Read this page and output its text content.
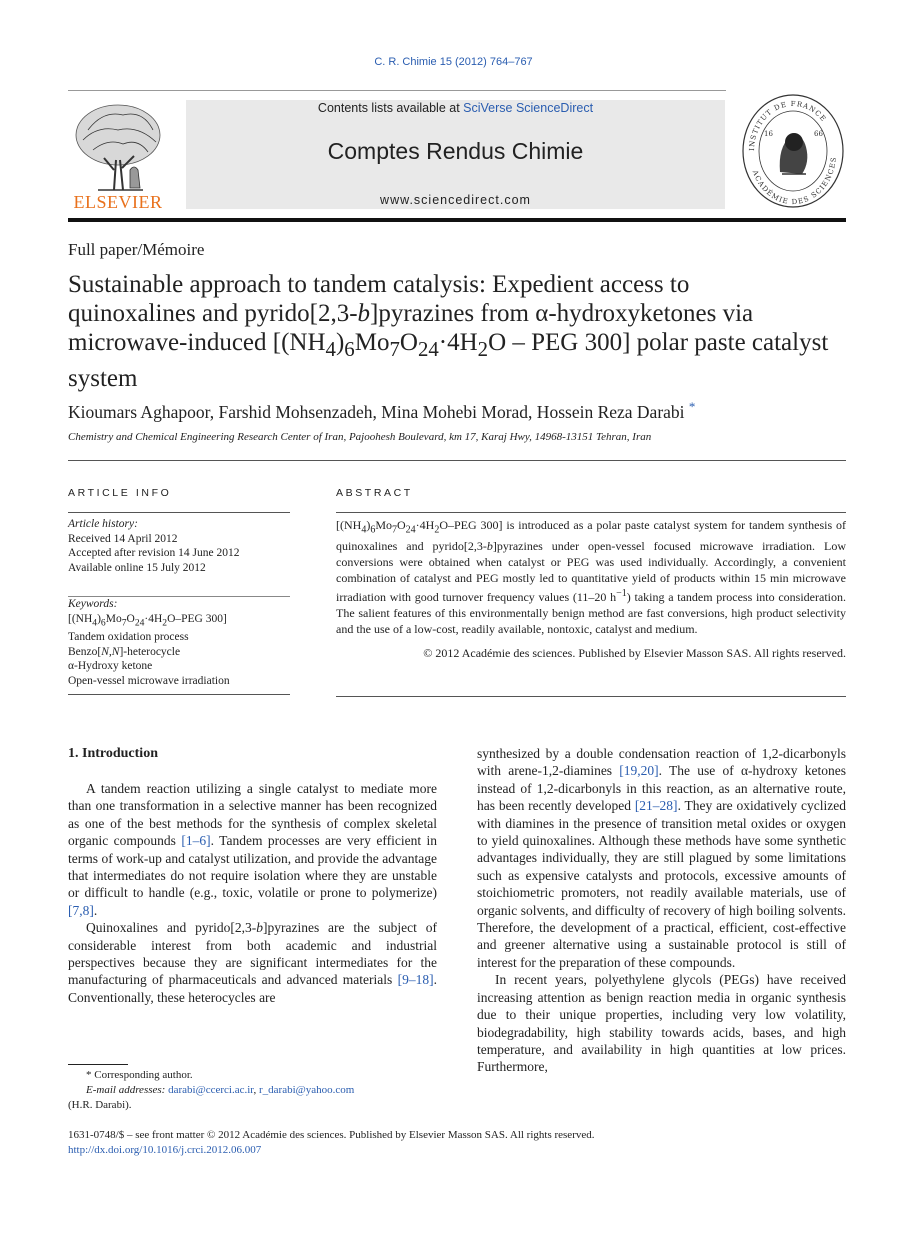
C. R. Chimie 15 (2012) 764–767
ELSEVIER
Contents lists available at SciVerse ScienceDirect
Comptes Rendus Chimie
www.sciencedirect.com
INSTITUT DE FRANCE
ACADÉMIE DES SCIENCES
16	66
Full paper/Mémoire
Sustainable approach to tandem catalysis: Expedient access to
quinoxalines and pyrido[2,3-b]pyrazines from α-hydroxyketones via
microwave-induced [$(NH_4)_6Mo_7O_{24}\cdot 4H_2O$ – PEG 300] polar paste catalyst
system
Kioumars Aghapoor, Farshid Mohsenzadeh, Mina Mohebi Morad, Hossein Reza Darabi *
Chemistry and Chemical Engineering Research Center of Iran, Pajoohesh Boulevard, km 17, Karaj Hwy, 14968-13151 Tehran, Iran
ARTICLE INFO
Article history:
Received 14 April 2012
Accepted after revision 14 June 2012
Available online 15 July 2012
Keywords:
[$(NH_4)_6Mo_7O_{24}\cdot 4H_2O$–PEG 300]
Tandem oxidation process
Benzo[N,N]-heterocycle
α-Hydroxy ketone
Open-vessel microwave irradiation
ABSTRACT
[$(NH_4)_6Mo_7O_{24}\cdot 4H_2O$–PEG 300] is introduced as a polar paste catalyst system for tandem synthesis of quinoxalines and pyrido[2,3-b]pyrazines under open-vessel focused microwave irradiation. Low conversions were obtained when catalyst or PEG was used individually. Accordingly, a convenient combination of catalyst and PEG mostly led to quantitative yield of products within 15 min microwave irradiation with good turnover frequency values (11–20 $h^{-1}$) taking a tandem process into consideration. The salient features of this environmentally benign method are fast conversions, high product selectivity and the use of a low-cost, readily available, nontoxic, catalyst and medium.
© 2012 Académie des sciences. Published by Elsevier Masson SAS. All rights reserved.
1. Introduction

A tandem reaction utilizing a single catalyst to mediate more than one transformation in a selective manner has been recognized as one of the best methods for the synthesis of complex skeletal organic compounds [1–6]. Tandem processes are very efficient in terms of work-up and catalyst utilization, and provide the advantage that intermediates do not require isolation where they are unstable or difficult to handle (e.g., toxic, volatile or prone to polymerize) [7,8].

Quinoxalines and pyrido[2,3-b]pyrazines are the subject of considerable interest from both academic and industrial perspectives because they are significant intermediates for the manufacturing of pharmaceuticals and advanced materials [9–18]. Conventionally, these heterocycles are

synthesized by a double condensation reaction of 1,2-dicarbonyls with arene-1,2-diamines [19,20]. The use of α-hydroxy ketones instead of 1,2-dicarbonyls in this reaction, as an alternative route, has been recently developed [21–28]. They are oxidatively cyclized with diamines in the presence of transition metal oxides or oxygen to yield quinoxalines. Although these methods have some synthetic advantages individually, they are still plagued by some limitations such as expensive catalysts and protocols, excessive amounts of stoichiometric promoters, not readily available materials, use of organic solvents, and difficulty of recovery of high boiling solvents. Therefore, the development of a practical, efficient, cost-effective and greener alternative using a sustainable protocol is still of interest for the preparation of these compounds.

In recent years, polyethylene glycols (PEGs) have received increasing attention as benign reaction media in organic synthesis due to their unique properties, including very low volatility, biodegradability, high stability towards acids, bases, and high temperature, and availability in high quantities at low prices. Furthermore,

* Corresponding author.
E-mail addresses: darabi@ccerci.ac.ir, r_darabi@yahoo.com
(H.R. Darabi).
1631-0748/$ – see front matter © 2012 Académie des sciences. Published by Elsevier Masson SAS. All rights reserved.
http://dx.doi.org/10.1016/j.crci.2012.06.007
